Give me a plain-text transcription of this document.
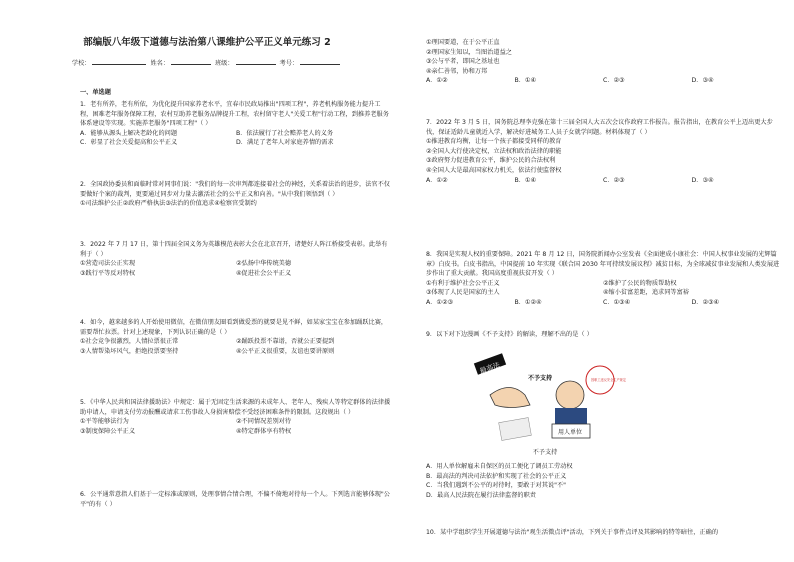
部编版八年级下道德与法治第八课维护公平正义单元练习 2
学校：	姓名：	班级：	考号：
一、单选题

1．老有所养，老有所依，为优化提升国家养老水平，宜春市民政局推出"四项工程"，养老机构服务能力提升工程，困难老年服务保障工程，农村互助养老服务品牌提升工程，农村留守老人"关爱工程"行动工程，到推养老服务体系建设等实现。实施养老服务"四项工程"（ ）

A．能够从源头上解决老龄化的问题	B．依法履行了社会赡养老人的义务
C．彰显了社会关爱提高和公平正义	D．满足了老年人对家庭养情的需求

2．全国政协委员和面临时常对同事们说："我们的每一次审判都连接着社会的神经，关系着法治的进步，法官不仅要做好个案的裁判，更要通过同步对力量去激活社会的公平正义和向善。"从中我们领悟到（ ）

①司法维护公正②政府严格执法③法治的价值追求④检察官受制约

3．2022 年 7 月 17 日，第十四届全国义务为英雄模范表彰大会在北京召开，诸楚好人阵江桥接受表彰。此举有利于（ ）

①营造司法公正实现	②弘扬中华传统美德
③践行平等反对特权	④促进社会公平正义

4．如今，越来越多的人开始使用微信，在微信朋友圈看到做爱票的就要是见不鲜，如某家宝宝在参加踊跃比赛，需要帮忙拉票。针对上述现象，下列认识正确的是（ ）

①社会竞争很激烈，人情拉票很正常	②踊跃投票不靠谱，否就公正要提到
③人情帮染坏风气，拒绝投票要坚持	④公平正义很重要，友谊也要讲原则

5．《中华人民共和国法律援助法》中规定：属于无固定生活来源的未成年人、老年人、残疾人等特定群体的法律援助申请人，申请支付劳动报酬或请求工伤事故人身损害赔偿不受经济困难条件的限制。这段规出（ ）

①平等能够法行为	②不同情况差别对待
③制度保障公平正义	④特定群体享有特权

6．公平通常意指人们基于一定标准或原则，处理事情合情合理，不偏不倚地对待每一个人。下列选言能够体现"公平"的有（ ）

①理国要道，在于公平正直

②理国家生知以，当图治道益之

③公与平者，即国之基址也

④亲仁善邻，协和万邦

A．①②	B．①④	C．②③	D．③④

7．2022 年 3 月 5 日，国务院总理李克强在第十三届全国人大五次会议作政府工作报告。报告指出，在教育公平上迈出更大步伐，保证适龄儿童就近入学，解决好进城务工人员子女就学问题。材料体现了（ ）

①推进教育均衡，让每一个孩子都接受同样的教育

②全国人大行使决定权，立法权和政治法律的职能

③政府努力促进教育公平，维护公民的合法权利

④全国人大是最高国家权力机关，依法行使监督权

A．①②	B．①④	C．②③	D．③④

8．我国是实现人权的重要保障。2021 年 8 月 12 日，国务院新闻办公室发表《全面建成小康社会：中国人权事业发展的光辉篇章》白皮书。白皮书指出，中国提前 10 年实现《联合国 2030 年可持续发展议程》减贫目标，为全球减贫事业发展和人类发展进步作出了重大贡献。我国高度重视扶贫开发（ ）

①有利于维护社会公平正义	②维护了公民的物质帮助权
③体现了人民是国家的主人	④缩小贫富差距，追求同等富裕
A．①②③	B．①②④	C．①③④	D．②③④

9．以下对下边漫画《不予支持》的解读，理解不出的是（ ）

最高法
不予支持
用人单位
因职工违反安全生产规定
不予支持

A．用人单位解雇未自保区的员工便化了调员工劳动权

B．最高法的判决司法依护和实现了社会的公平正义

C．当我们遇到不公平的对待时，要敢于对其说"不"

D．最高人民法院在履行法律监督的职责

10．某中学组织学生开展道德与法治"观生活微点评"活动，下列关于事件点评及其影响的特等暗往，正确的
